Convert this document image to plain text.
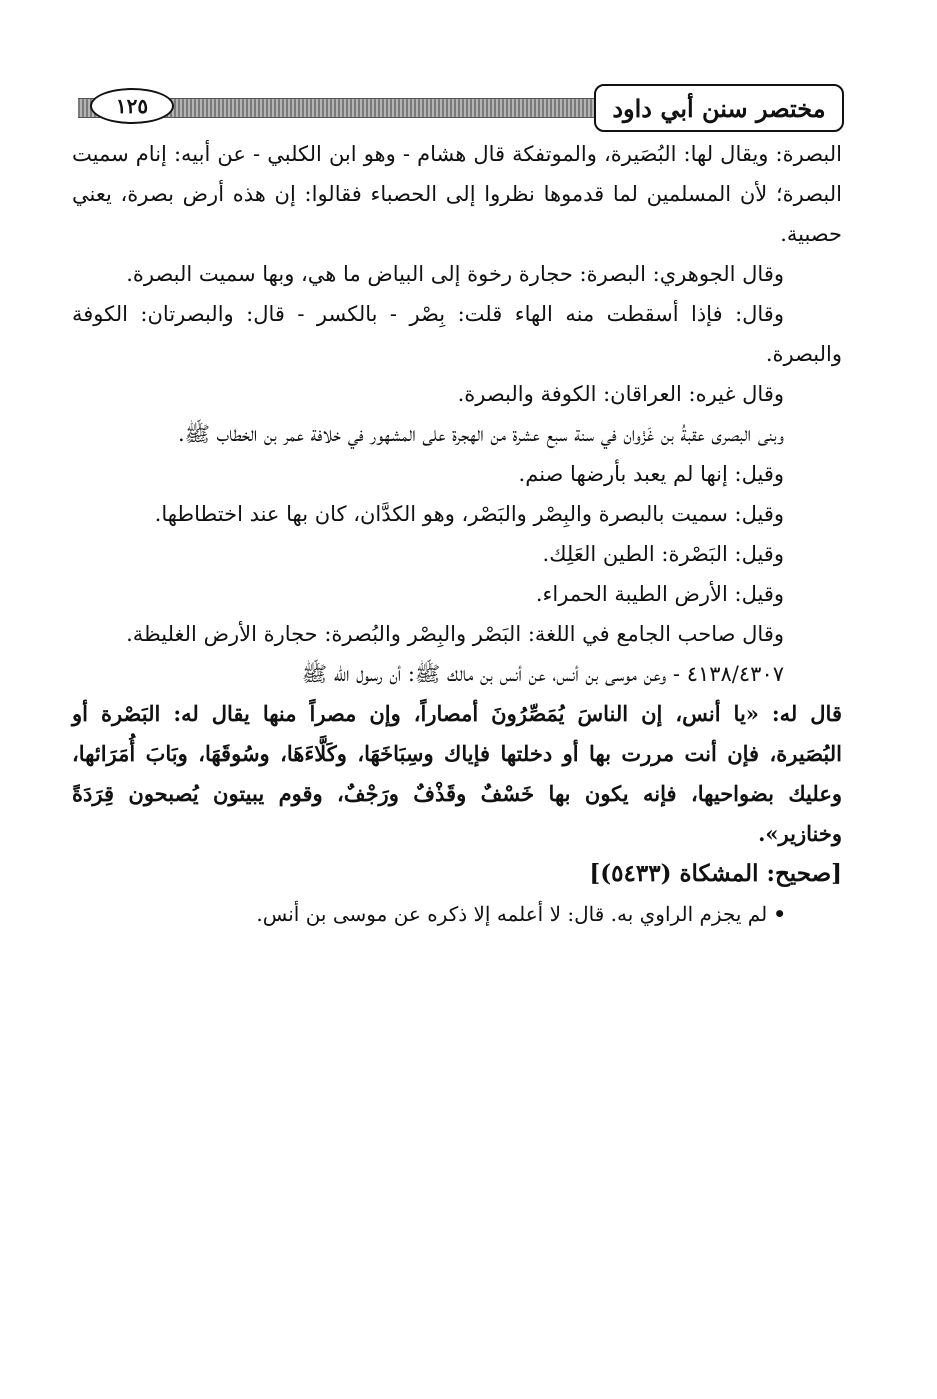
١٢٥	مختصر سنن أبي داود

البصرة: ويقال لها: البُصَيرة، والموتفكة قال هشام - وهو ابن الكلبي - عن أبيه: إنام سميت البصرة؛ لأن المسلمين لما قدموها نظروا إلى الحصباء فقالوا: إن هذه أرض بصرة، يعني حصبية.

وقال الجوهري: البصرة: حجارة رخوة إلى البياض ما هي، وبها سميت البصرة.

وقال: فإذا أسقطت منه الهاء قلت: بِصْر - بالكسر - قال: والبصرتان: الكوفة والبصرة.

وقال غيره: العراقان: الكوفة والبصرة.

وبنى البصرى عقبةُ بن غَزْوان في سنة سبع عشرة من الهجرة على المشهور في خلافة عمر بن الخطاب ﷺ.

وقيل: إنها لم يعبد بأرضها صنم.

وقيل: سميت بالبصرة والبِصْر والبَصْر، وهو الكدَّان، كان بها عند اختطاطها.

وقيل: البَصْرة: الطين العَلِك.

وقيل: الأرض الطيبة الحمراء.

وقال صاحب الجامع في اللغة: البَصْر والبِصْر والبُصرة: حجارة الأرض الغليظة.

٤١٣٨/٤٣٠٧ - وعن موسى بن أنس، عن أنس بن مالك ﷺ: أن رسول الله ﷺ

قال له: «يا أنس، إن الناسَ يُمَصِّرُونَ أمصاراً، وإن مصراً منها يقال له: البَصْرة أو البُصَيرة، فإن أنت مررت بها أو دخلتها فإياك وسِبَاخَهَا، وكَلَّاءَهَا، وسُوقَهَا، وبَابَ أُمَرَائها، وعليك بضواحيها، فإنه يكون بها خَسْفٌ وقَذْفٌ ورَجْفٌ، وقوم يبيتون يُصبحون قِرَدَةً وخنازير».

[صحيح: المشكاة (٥٤٣٣)]

•لم يجزم الراوي به. قال: لا أعلمه إلا ذكره عن موسى بن أنس.
